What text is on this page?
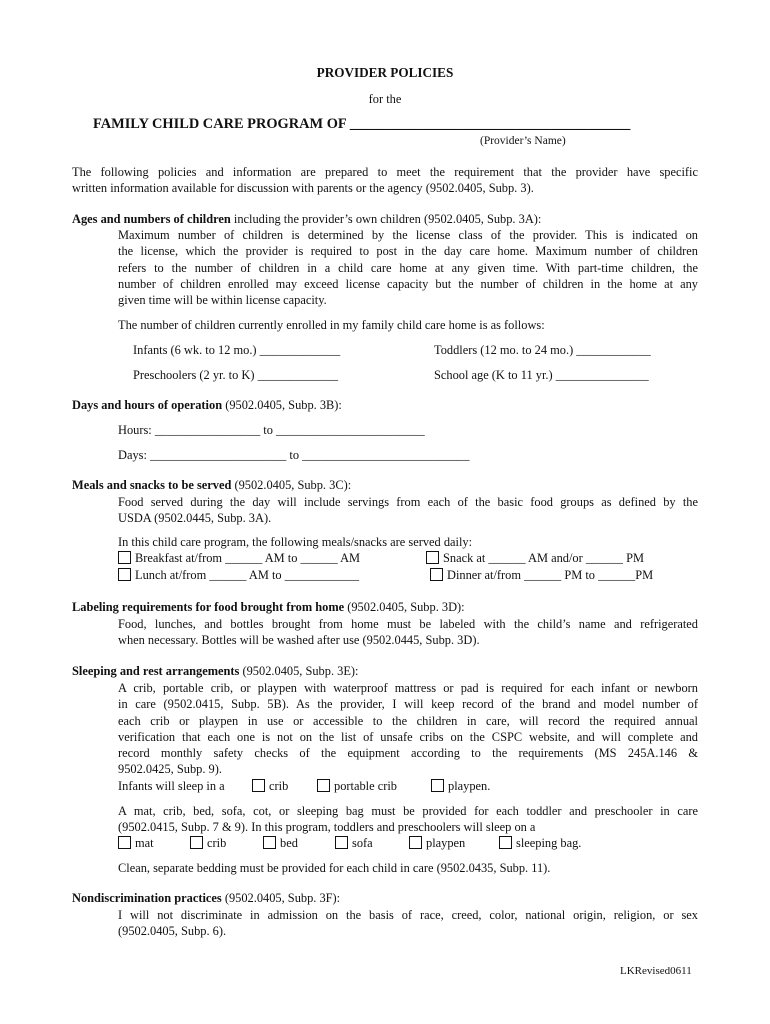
PROVIDER POLICIES
for the
FAMILY CHILD CARE PROGRAM OF _______________________________________
(Provider’s Name)
The following policies and information are prepared to meet the requirement that the provider have specific
written information available for discussion with parents or the agency (9502.0405, Subp. 3).
Ages and numbers of children including the provider’s own children (9502.0405, Subp. 3A):
Maximum number of children is determined by the license class of the provider. This is indicated on
the license, which the provider is required to post in the day care home. Maximum number of children
refers to the number of children in a child care home at any given time. With part-time children, the
number of children enrolled may exceed license capacity but the number of children in the home at any
given time will be within license capacity.
The number of children currently enrolled in my family child care home is as follows:
Infants (6 wk. to 12 mo.) _____________	Toddlers (12 mo. to 24 mo.) ____________
Preschoolers (2 yr. to K) _____________	School age (K to 11 yr.) _______________
Days and hours of operation (9502.0405, Subp. 3B):
Hours: _________________ to ________________________
Days: ______________________ to ___________________________
Meals and snacks to be served (9502.0405, Subp. 3C):
Food served during the day will include servings from each of the basic food groups as defined by the
USDA (9502.0445, Subp. 3A).
In this child care program, the following meals/snacks are served daily:
Breakfast at/from ______ AM to ______ AM	Snack at ______ AM and/or ______ PM
Lunch at/from ______ AM to ____________	Dinner at/from ______ PM to ______PM
Labeling requirements for food brought from home (9502.0405, Subp. 3D):
Food, lunches, and bottles brought from home must be labeled with the child’s name and refrigerated
when necessary. Bottles will be washed after use (9502.0445, Subp. 3D).
Sleeping and rest arrangements (9502.0405, Subp. 3E):
A crib, portable crib, or playpen with waterproof mattress or pad is required for each infant or newborn
in care (9502.0415, Subp. 5B). As the provider, I will keep record of the brand and model number of
each crib or playpen in use or accessible to the children in care, will record the required annual
verification that each one is not on the list of unsafe cribs on the CSPC website, and will complete and
record monthly safety checks of the equipment according to the requirements (MS 245A.146 &
9502.0425, Subp. 9).
Infants will sleep in a	crib	portable crib	playpen.
A mat, crib, bed, sofa, cot, or sleeping bag must be provided for each toddler and preschooler in care
(9502.0415, Subp. 7 & 9). In this program, toddlers and preschoolers will sleep on a
mat	crib	bed	sofa	playpen	sleeping bag.
Clean, separate bedding must be provided for each child in care (9502.0435, Subp. 11).
Nondiscrimination practices (9502.0405, Subp. 3F):
I will not discriminate in admission on the basis of race, creed, color, national origin, religion, or sex
(9502.0405, Subp. 6).
LKRevised0611
